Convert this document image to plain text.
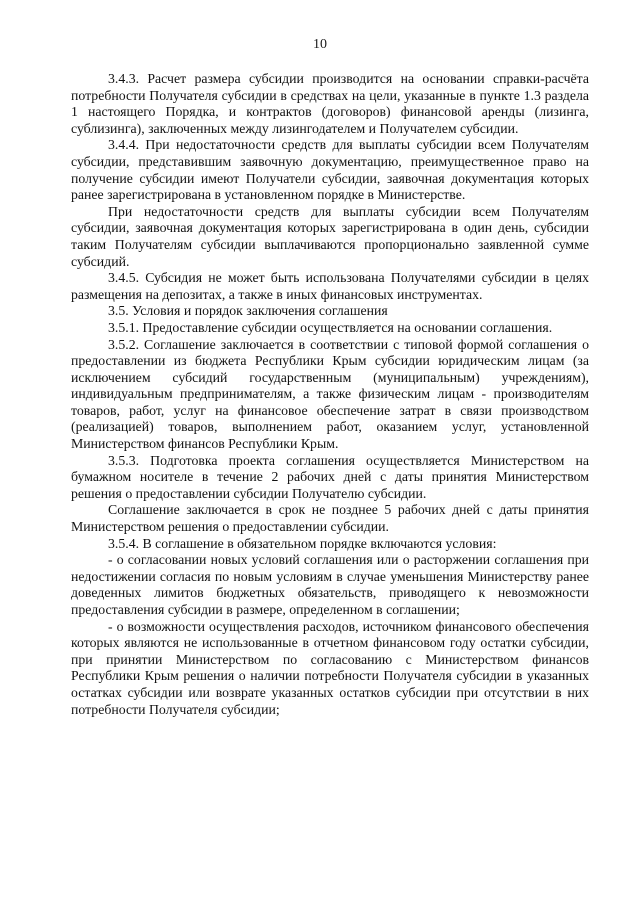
10

3.4.3. Расчет размера субсидии производится на основании справки-расчёта потребности Получателя субсидии в средствах на цели, указанные в пункте 1.3 раздела 1 настоящего Порядка, и контрактов (договоров) финансовой аренды (лизинга, сублизинга), заключенных между лизингодателем и Получателем субсидии.

3.4.4. При недостаточности средств для выплаты субсидии всем Получателям субсидии, представившим заявочную документацию, преимущественное право на получение субсидии имеют Получатели субсидии, заявочная документация которых ранее зарегистрирована в установленном порядке в Министерстве.

При недостаточности средств для выплаты субсидии всем Получателям субсидии, заявочная документация которых зарегистрирована в один день, субсидии таким Получателям субсидии выплачиваются пропорционально заявленной сумме субсидий.

3.4.5. Субсидия не может быть использована Получателями субсидии в целях размещения на депозитах, а также в иных финансовых инструментах.

3.5. Условия и порядок заключения соглашения

3.5.1. Предоставление субсидии осуществляется на основании соглашения.

3.5.2. Соглашение заключается в соответствии с типовой формой соглашения о предоставлении из бюджета Республики Крым субсидии юридическим лицам (за исключением субсидий государственным (муниципальным) учреждениям), индивидуальным предпринимателям, а также физическим лицам - производителям товаров, работ, услуг на финансовое обеспечение затрат в связи производством (реализацией) товаров, выполнением работ, оказанием услуг, установленной Министерством финансов Республики Крым.

3.5.3. Подготовка проекта соглашения осуществляется Министерством на бумажном носителе в течение 2 рабочих дней с даты принятия Министерством решения о предоставлении субсидии Получателю субсидии.

Соглашение заключается в срок не позднее 5 рабочих дней с даты принятия Министерством решения о предоставлении субсидии.

3.5.4. В соглашение в обязательном порядке включаются условия:

- о согласовании новых условий соглашения или о расторжении соглашения при недостижении согласия по новым условиям в случае уменьшения Министерству ранее доведенных лимитов бюджетных обязательств, приводящего к невозможности предоставления субсидии в размере, определенном в соглашении;

- о возможности осуществления расходов, источником финансового обеспечения которых являются не использованные в отчетном финансовом году остатки субсидии, при принятии Министерством по согласованию с Министерством финансов Республики Крым решения о наличии потребности Получателя субсидии в указанных остатках субсидии или возврате указанных остатков субсидии при отсутствии в них потребности Получателя субсидии;
